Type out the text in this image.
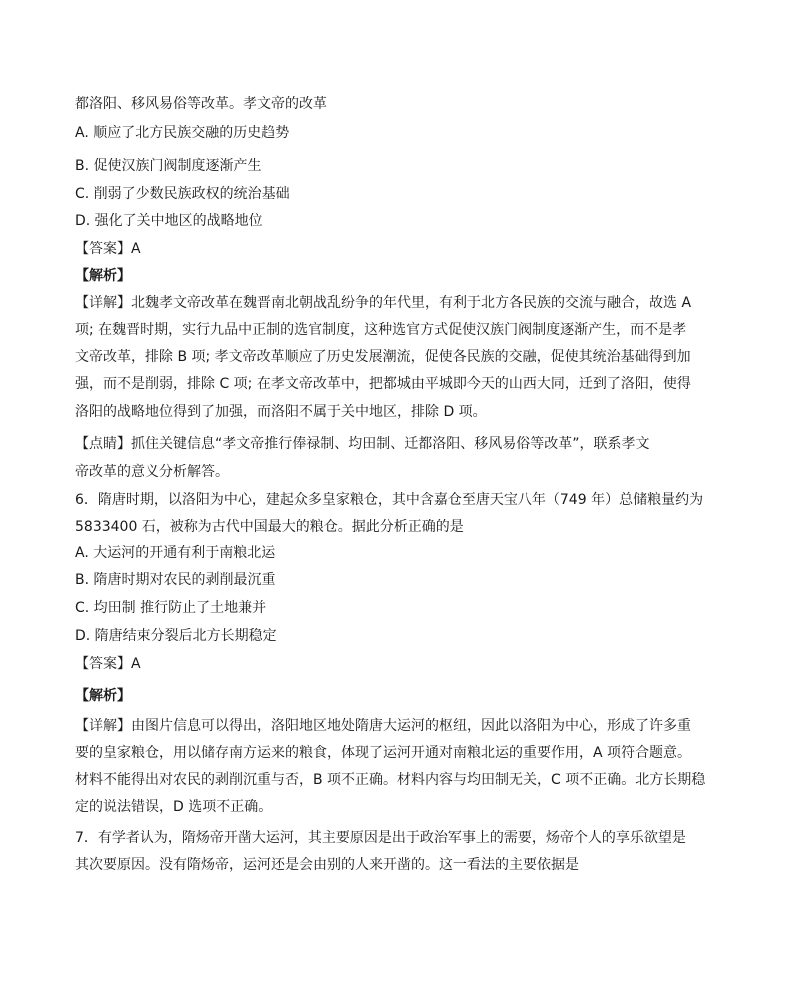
都洛阳、移风易俗等改革。孝文帝的改革
A. 顺应了北方民族交融的历史趋势
B. 促使汉族门阀制度逐渐产生
C. 削弱了少数民族政权的统治基础
D. 强化了关中地区的战略地位
【答案】A
【解析】
【详解】北魏孝文帝改革在魏晋南北朝战乱纷争的年代里，有利于北方各民族的交流与融合，故选 A
项; 在魏晋时期，实行九品中正制的选官制度，这种选官方式促使汉族门阀制度逐渐产生，而不是孝
文帝改革，排除 B 项; 孝文帝改革顺应了历史发展潮流，促使各民族的交融，促使其统治基础得到加
强，而不是削弱，排除 C 项; 在孝文帝改革中，把都城由平城即今天的山西大同，迁到了洛阳，使得
洛阳的战略地位得到了加强，而洛阳不属于关中地区，排除 D 项。
【点睛】抓住关键信息“孝文帝推行俸禄制、均田制、迁都洛阳、移风易俗等改革”，联系孝文
帝改革的意义分析解答。
6．隋唐时期，以洛阳为中心，建起众多皇家粮仓，其中含嘉仓至唐天宝八年（749 年）总储粮量约为
5833400 石，被称为古代中国最大的粮仓。据此分析正确的是
A. 大运河的开通有利于南粮北运
B. 隋唐时期对农民的剥削最沉重
C. 均田制 推行防止了土地兼并
D. 隋唐结束分裂后北方长期稳定
【答案】A
【解析】
【详解】由图片信息可以得出，洛阳地区地处隋唐大运河的枢纽，因此以洛阳为中心，形成了许多重
要的皇家粮仓，用以储存南方运来的粮食，体现了运河开通对南粮北运的重要作用，A 项符合题意。
材料不能得出对农民的剥削沉重与否，B 项不正确。材料内容与均田制无关，C 项不正确。北方长期稳
定的说法错误，D 选项不正确。
7．有学者认为，隋炀帝开凿大运河，其主要原因是出于政治军事上的需要，炀帝个人的享乐欲望是
其次要原因。没有隋炀帝，运河还是会由别的人来开凿的。这一看法的主要依据是
